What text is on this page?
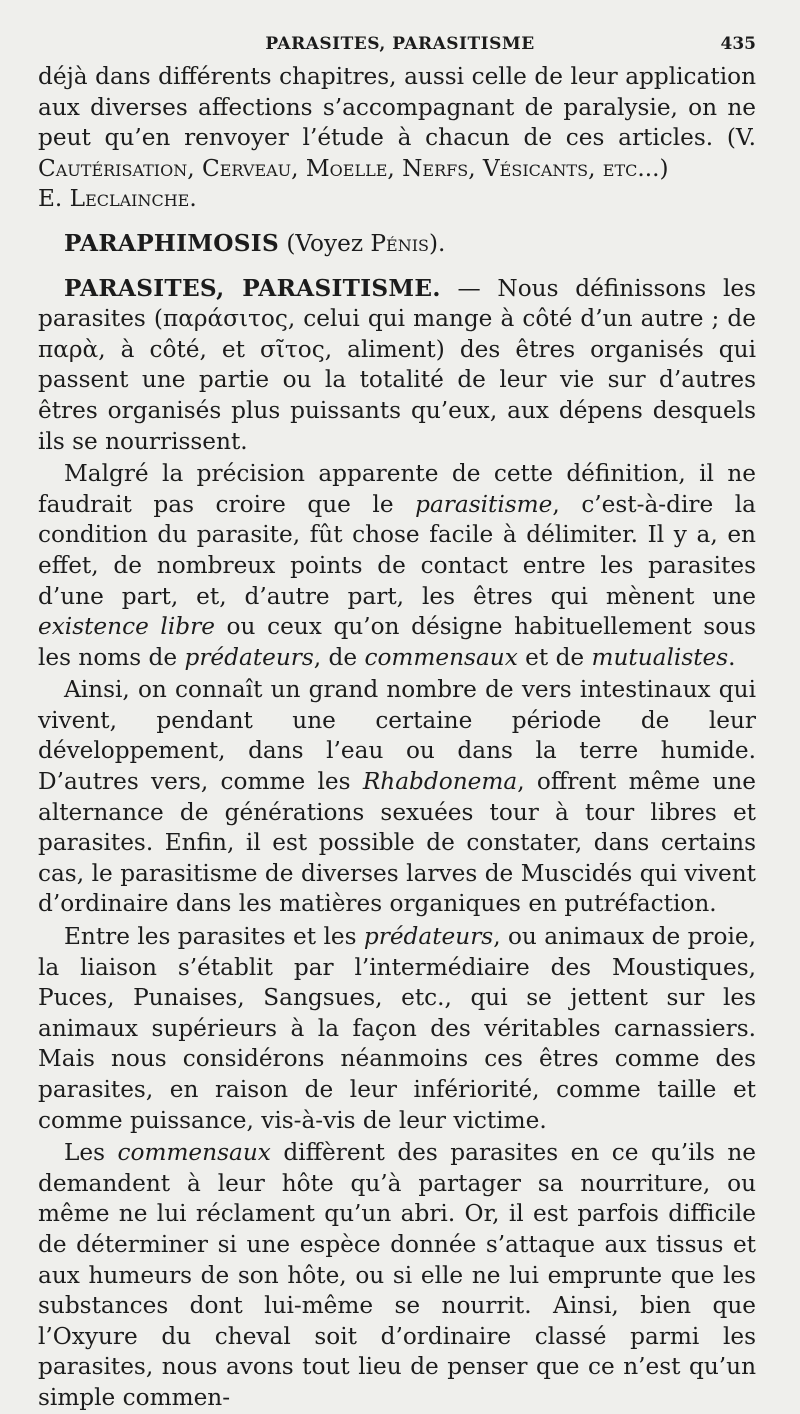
PARASITES, PARASITISME	435

déjà dans différents chapitres, aussi celle de leur application aux diverses affections s’accompagnant de paralysie, on ne peut qu’en renvoyer l’étude à chacun de ces articles. (V. Cautérisation, Cerveau, Moelle, Nerfs, Vésicants, etc...)

E. Leclainche.

PARAPHIMOSIS (Voyez Pénis).

PARASITES, PARASITISME. — Nous définissons les parasites (παράσιτος, celui qui mange à côté d’un autre ; de παρὰ, à côté, et σῖτος, aliment) des êtres organisés qui passent une partie ou la totalité de leur vie sur d’autres êtres organisés plus puissants qu’eux, aux dépens desquels ils se nourrissent.

Malgré la précision apparente de cette définition, il ne faudrait pas croire que le parasitisme, c’est-à-dire la condition du parasite, fût chose facile à délimiter. Il y a, en effet, de nombreux points de contact entre les parasites d’une part, et, d’autre part, les êtres qui mènent une existence libre ou ceux qu’on désigne habituellement sous les noms de prédateurs, de commensaux et de mutualistes.

Ainsi, on connaît un grand nombre de vers intestinaux qui vivent, pendant une certaine période de leur développement, dans l’eau ou dans la terre humide. D’autres vers, comme les Rhabdonema, offrent même une alternance de générations sexuées tour à tour libres et parasites. Enfin, il est possible de constater, dans certains cas, le parasitisme de diverses larves de Muscidés qui vivent d’ordinaire dans les matières organiques en putréfaction.

Entre les parasites et les prédateurs, ou animaux de proie, la liaison s’établit par l’intermédiaire des Moustiques, Puces, Punaises, Sangsues, etc., qui se jettent sur les animaux supérieurs à la façon des véritables carnassiers. Mais nous considérons néanmoins ces êtres comme des parasites, en raison de leur infériorité, comme taille et comme puissance, vis-à-vis de leur victime.

Les commensaux diffèrent des parasites en ce qu’ils ne demandent à leur hôte qu’à partager sa nourriture, ou même ne lui réclament qu’un abri. Or, il est parfois difficile de déterminer si une espèce donnée s’attaque aux tissus et aux humeurs de son hôte, ou si elle ne lui emprunte que les substances dont lui-même se nourrit. Ainsi, bien que l’Oxyure du cheval soit d’ordinaire classé parmi les parasites, nous avons tout lieu de penser que ce n’est qu’un simple commen-
